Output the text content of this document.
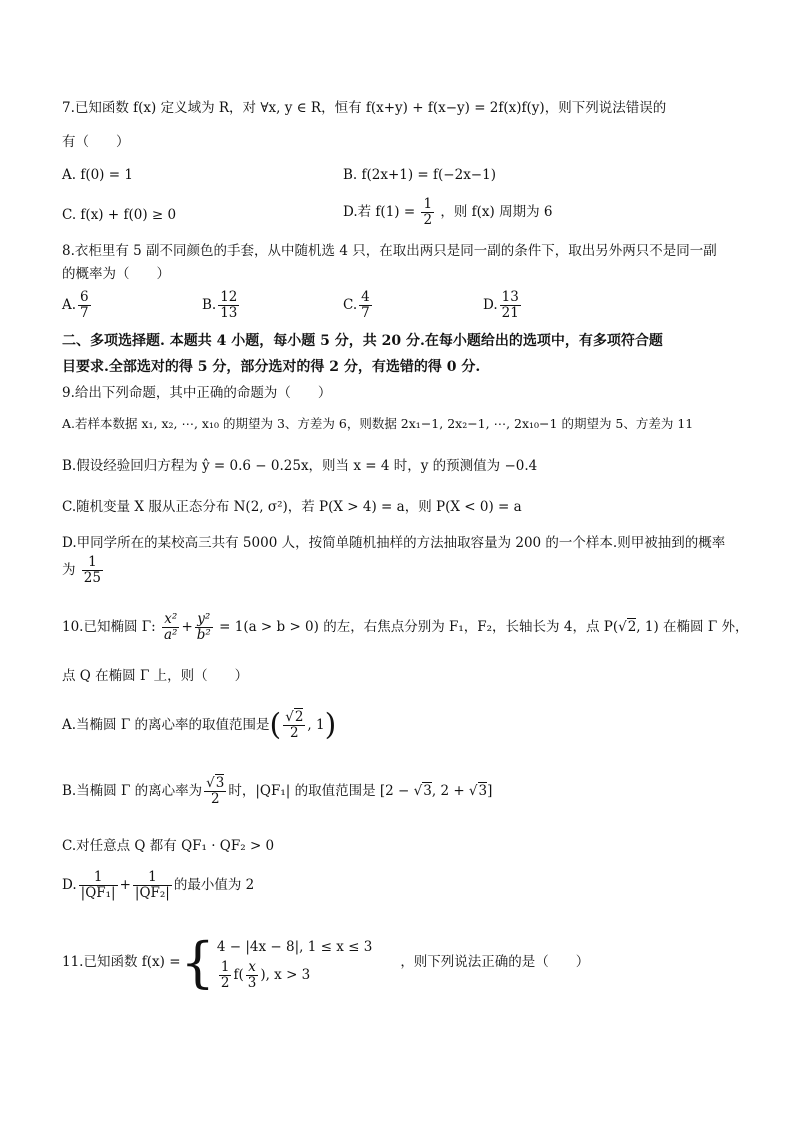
7.已知函数 f(x) 定义域为 R，对 ∀x, y ∈ R，恒有 f(x+y) + f(x−y) = 2f(x)f(y)，则下列说法错误的
有（　　）
A. f(0) = 1	B. f(2x+1) = f(−2x−1)
C. f(x) + f(0) ≥ 0	D.若 $f(1) = \frac{1}{2}$ ，则 f(x) 周期为 6
8.衣柜里有 5 副不同颜色的手套，从中随机选 4 只，在取出两只是同一副的条件下，取出另外两只不是同一副
的概率为（　　）
A. $\frac{6}{7}$	B. $\frac{12}{13}$	C. $\frac{4}{7}$	D. $\frac{13}{21}$
二、多项选择题. 本题共 4 小题，每小题 5 分，共 20 分.在每小题给出的选项中，有多项符合题
目要求.全部选对的得 5 分，部分选对的得 2 分，有选错的得 0 分.
9.给出下列命题，其中正确的命题为（　　）
A.若样本数据 x₁, x₂, ⋯, x₁₀ 的期望为 3、方差为 6，则数据 2x₁−1, 2x₂−1, ⋯, 2x₁₀−1 的期望为 5、方差为 11
B.假设经验回归方程为 ŷ = 0.6 − 0.25x，则当 x = 4 时，y 的预测值为 −0.4
C.随机变量 X 服从正态分布 N(2, σ²)，若 P(X > 4) = a，则 P(X < 0) = a
D.甲同学所在的某校高三共有 5000 人，按简单随机抽样的方法抽取容量为 200 的一个样本.则甲被抽到的概率
为 $\frac{1}{25}$
10.已知椭圆 Γ: $\frac{\text{x²}}{\text{a²}} + \frac{\text{y²}}{\text{b²}} = 1(a > b > 0)$ 的左，右焦点分别为 F₁，F₂，长轴长为 4，点 P(√2, 1) 在椭圆 Γ 外，
点 Q 在椭圆 Γ 上，则（　　）
A.当椭圆 Γ 的离心率的取值范围是( $\frac{√2}{2}$ , 1)
B.当椭圆 Γ 的离心率为 $\frac{√3}{2}$ 时，|QF₁| 的取值范围是 [2 − √3, 2 + √3]
C.对任意点 Q 都有 QF₁ · QF₂ > 0
D. $\frac{1}{\text{|QF₁|}} + \frac{1}{\text{|QF₂|}}$ 的最小值为 2
11.已知函数 f(x) ={ 4 − |4x − 8|, 1 ≤ x ≤ 3
$\frac{1}{2} f( \frac{x}{3}$ ), x > 3
，则下列说法正确的是（　　）
